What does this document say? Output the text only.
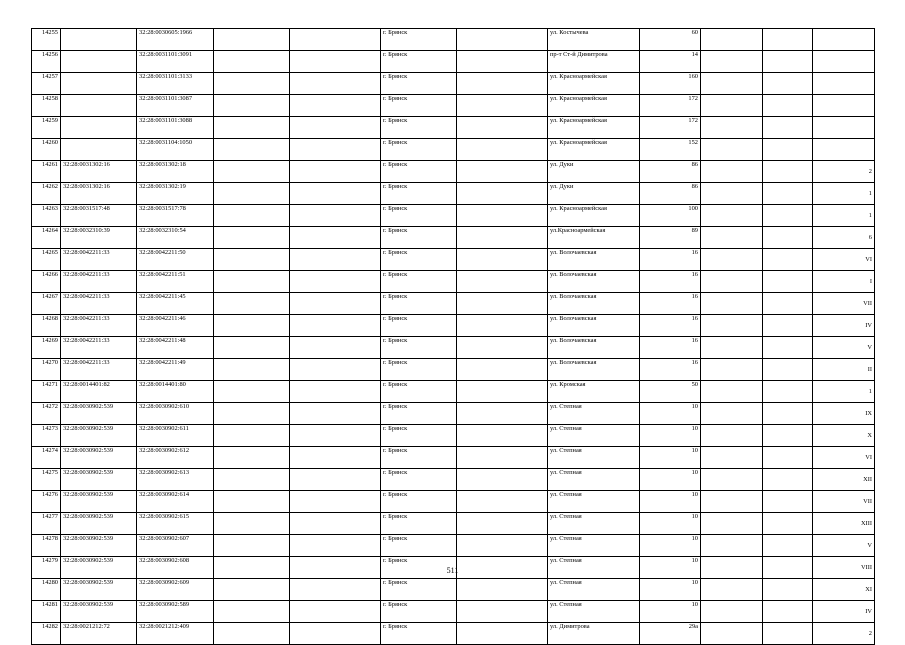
14255		32:28:0030605:1966			г. Брянск		ул. Костычева	60			
14256		32:28:0031101:3091			г. Брянск		пр-т Ст-й Димитрова	14			
14257		32:28:0031101:3133			г. Брянск		ул. Красноармейская	160			
14258		32:28:0031101:3087			г. Брянск		ул. Красноармейская	172			
14259		32:28:0031101:3088			г. Брянск		ул. Красноармейская	172			
14260		32:28:0031104:1050			г. Брянск		ул. Красноармейская	152			
14261	32:28:0031302:16	32:28:0031302:18			г. Брянск		ул. Дуки	86			2
14262	32:28:0031302:16	32:28:0031302:19			г. Брянск		ул. Дуки	86			1
14263	32:28:0031517:48	32:28:0031517:78			г. Брянск		ул. Красноармейская	100			1
14264	32:28:0032310:39	32:28:0032310:54			г. Брянск		ул.Красноармейская	89			6
14265	32:28:0042211:33	32:28:0042211:50			г. Брянск		ул. Волочаевская	16			VI
14266	32:28:0042211:33	32:28:0042211:51			г. Брянск		ул. Волочаевская	16			I
14267	32:28:0042211:33	32:28:0042211:45			г. Брянск		ул. Волочаевская	16			VII
14268	32:28:0042211:33	32:28:0042211:46			г. Брянск		ул. Волочаевская	16			IV
14269	32:28:0042211:33	32:28:0042211:48			г. Брянск		ул. Волочаевская	16			V
14270	32:28:0042211:33	32:28:0042211:49			г. Брянск		ул. Волочаевская	16			II
14271	32:28:0014401:82	32:28:0014401:80			г. Брянск		ул. Кромская	50			1
14272	32:28:0030902:539	32:28:0030902:610			г. Брянск		ул. Степная	10			IX
14273	32:28:0030902:539	32:28:0030902:611			г. Брянск		ул. Степная	10			X
14274	32:28:0030902:539	32:28:0030902:612			г. Брянск		ул. Степная	10			VI
14275	32:28:0030902:539	32:28:0030902:613			г. Брянск		ул. Степная	10			XII
14276	32:28:0030902:539	32:28:0030902:614			г. Брянск		ул. Степная	10			VII
14277	32:28:0030902:539	32:28:0030902:615			г. Брянск		ул. Степная	10			XIII
14278	32:28:0030902:539	32:28:0030902:607			г. Брянск		ул. Степная	10			V
14279	32:28:0030902:539	32:28:0030902:608			г. Брянск		ул. Степная	10			VIII
14280	32:28:0030902:539	32:28:0030902:609			г. Брянск		ул. Степная	10			XI
14281	32:28:0030902:539	32:28:0030902:589			г. Брянск		ул. Степная	10			IV
14282	32:28:0021212:72	32:28:0021212:409			г. Брянск		ул. Димитрова	29а			2
511
